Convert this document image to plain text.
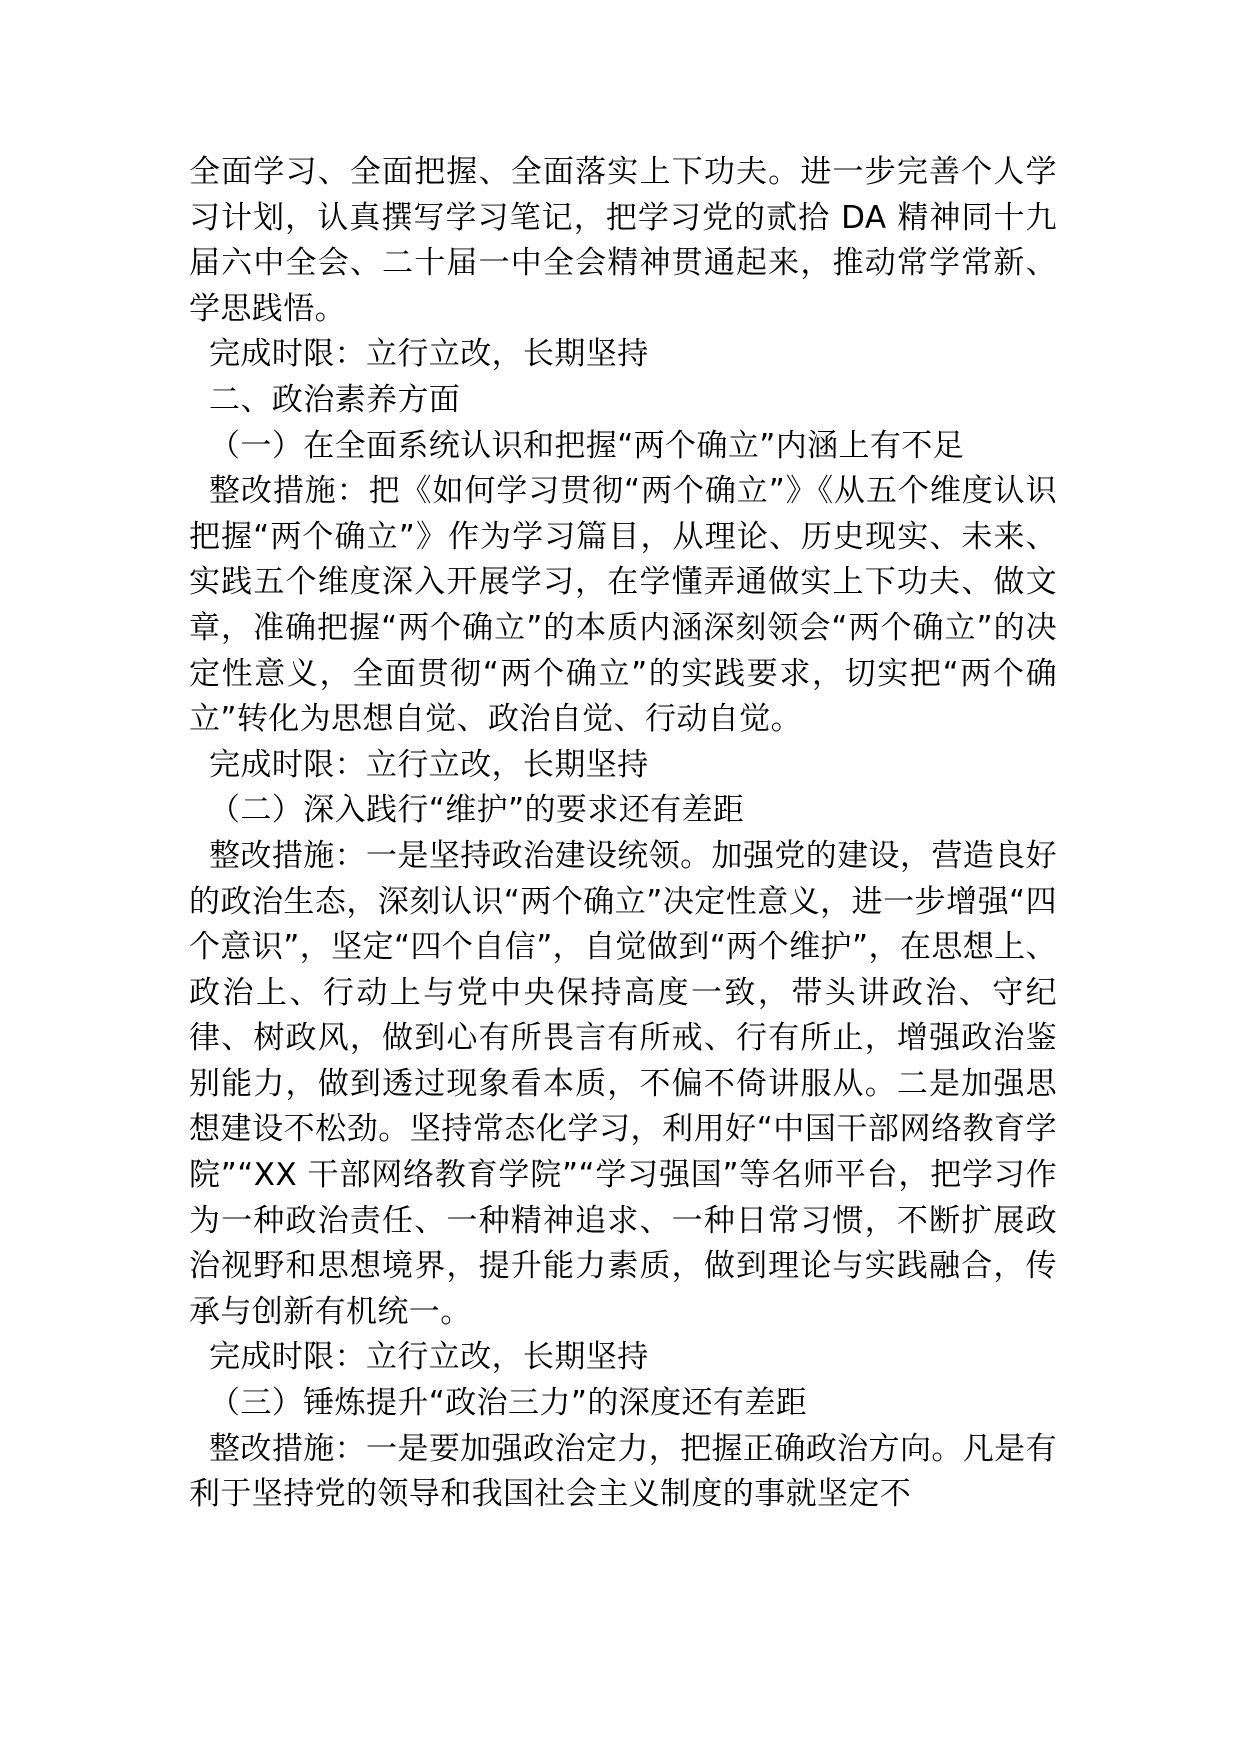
全面学习、全面把握、全面落实上下功夫。进一步完善个人学习计划，认真撰写学习笔记，把学习党的贰拾 DA 精神同十九届六中全会、二十届一中全会精神贯通起来，推动常学常新、学思践悟。

完成时限：立行立改，长期坚持

二、政治素养方面

（一）在全面系统认识和把握“两个确立”内涵上有不足

整改措施：把《如何学习贯彻“两个确立”》《从五个维度认识把握“两个确立”》作为学习篇目，从理论、历史现实、未来、实践五个维度深入开展学习，在学懂弄通做实上下功夫、做文章，准确把握“两个确立”的本质内涵深刻领会“两个确立”的决定性意义，全面贯彻“两个确立”的实践要求，切实把“两个确立”转化为思想自觉、政治自觉、行动自觉。

完成时限：立行立改，长期坚持

（二）深入践行“维护”的要求还有差距

整改措施：一是坚持政治建设统领。加强党的建设，营造良好的政治生态，深刻认识“两个确立”决定性意义，进一步增强“四个意识”，坚定“四个自信”，自觉做到“两个维护”，在思想上、政治上、行动上与党中央保持高度一致，带头讲政治、守纪律、树政风，做到心有所畏言有所戒、行有所止，增强政治鉴别能力，做到透过现象看本质，不偏不倚讲服从。二是加强思想建设不松劲。坚持常态化学习，利用好“中国干部网络教育学院”“XX 干部网络教育学院”“学习强国”等名师平台，把学习作为一种政治责任、一种精神追求、一种日常习惯，不断扩展政治视野和思想境界，提升能力素质，做到理论与实践融合，传承与创新有机统一。

完成时限：立行立改，长期坚持

（三）锤炼提升“政治三力”的深度还有差距

整改措施：一是要加强政治定力，把握正确政治方向。凡是有利于坚持党的领导和我国社会主义制度的事就坚定不
